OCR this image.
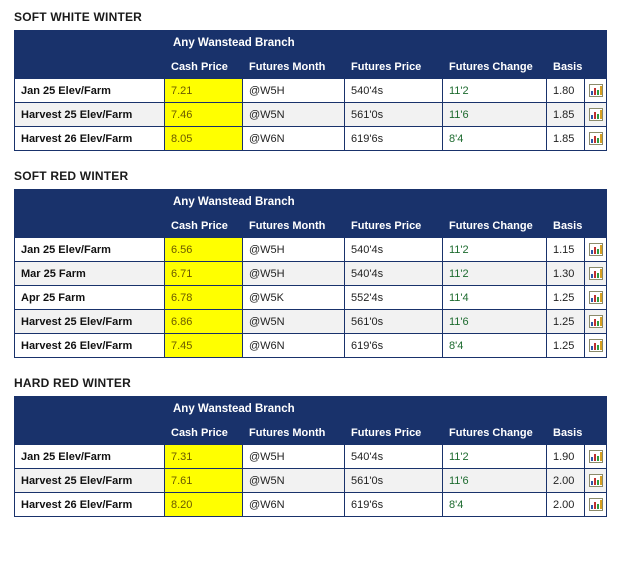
SOFT WHITE WINTER
	Any Wanstead Branch					
	Cash Price	Futures Month	Futures Price	Futures Change	Basis	
Jan 25 Elev/Farm	7.21	@W5H	540'4s	11'2	1.80	

Harvest 25 Elev/Farm	7.46	@W5N	561'0s	11'6	1.85	

Harvest 26 Elev/Farm	8.05	@W6N	619'6s	8'4	1.85	
SOFT RED WINTER
	Any Wanstead Branch					
	Cash Price	Futures Month	Futures Price	Futures Change	Basis	
Jan 25 Elev/Farm	6.56	@W5H	540'4s	11'2	1.15	

Mar 25 Farm	6.71	@W5H	540'4s	11'2	1.30	

Apr 25 Farm	6.78	@W5K	552'4s	11'4	1.25	

Harvest 25 Elev/Farm	6.86	@W5N	561'0s	11'6	1.25	

Harvest 26 Elev/Farm	7.45	@W6N	619'6s	8'4	1.25	
HARD RED WINTER
	Any Wanstead Branch					
	Cash Price	Futures Month	Futures Price	Futures Change	Basis	
Jan 25 Elev/Farm	7.31	@W5H	540'4s	11'2	1.90	

Harvest 25 Elev/Farm	7.61	@W5N	561'0s	11'6	2.00	

Harvest 26 Elev/Farm	8.20	@W6N	619'6s	8'4	2.00	
